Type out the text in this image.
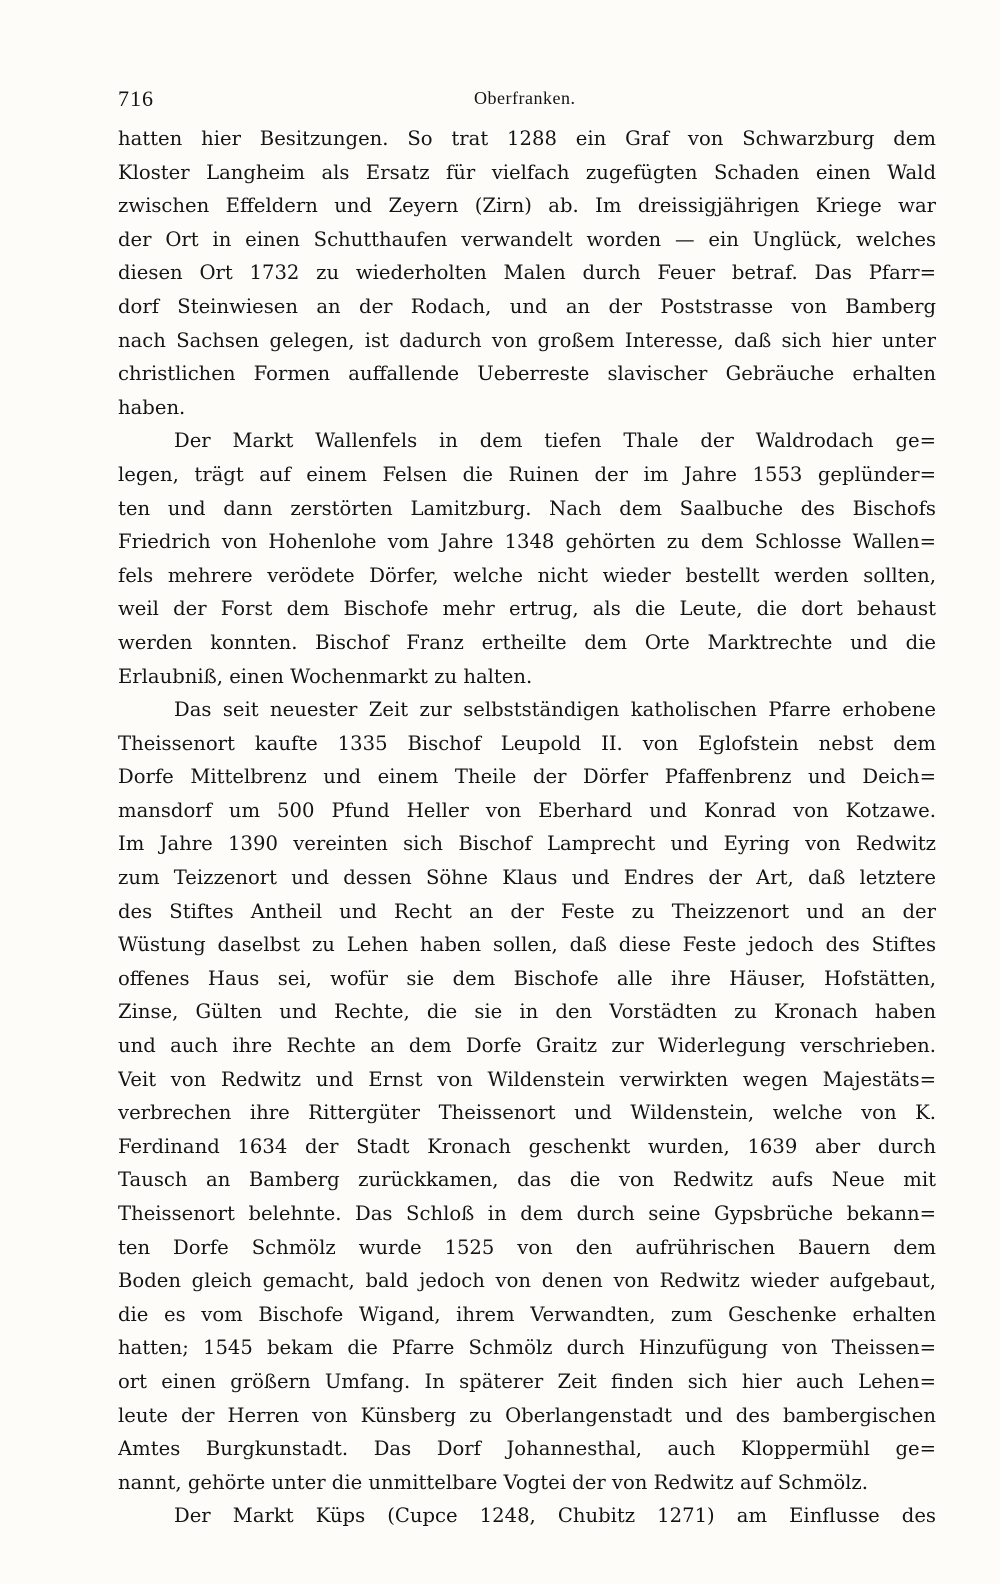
716	Oberfranken.
hatten hier Besitzungen. So trat 1288 ein Graf von Schwarzburg dem
Kloster Langheim als Ersatz für vielfach zugefügten Schaden einen Wald
zwischen Effeldern und Zeyern (Zirn) ab. Im dreissigjährigen Kriege war
der Ort in einen Schutthaufen verwandelt worden — ein Unglück, welches
diesen Ort 1732 zu wiederholten Malen durch Feuer betraf. Das Pfarr=
dorf Steinwiesen an der Rodach, und an der Poststrasse von Bamberg
nach Sachsen gelegen, ist dadurch von großem Interesse, daß sich hier unter
christlichen Formen auffallende Ueberreste slavischer Gebräuche erhalten
haben.
Der Markt Wallenfels in dem tiefen Thale der Waldrodach ge=
legen, trägt auf einem Felsen die Ruinen der im Jahre 1553 geplünder=
ten und dann zerstörten Lamitzburg. Nach dem Saalbuche des Bischofs
Friedrich von Hohenlohe vom Jahre 1348 gehörten zu dem Schlosse Wallen=
fels mehrere verödete Dörfer, welche nicht wieder bestellt werden sollten,
weil der Forst dem Bischofe mehr ertrug, als die Leute, die dort behaust
werden konnten. Bischof Franz ertheilte dem Orte Marktrechte und die
Erlaubniß, einen Wochenmarkt zu halten.
Das seit neuester Zeit zur selbstständigen katholischen Pfarre erhobene
Theissenort kaufte 1335 Bischof Leupold II. von Eglofstein nebst dem
Dorfe Mittelbrenz und einem Theile der Dörfer Pfaffenbrenz und Deich=
mansdorf um 500 Pfund Heller von Eberhard und Konrad von Kotzawe.
Im Jahre 1390 vereinten sich Bischof Lamprecht und Eyring von Redwitz
zum Teizzenort und dessen Söhne Klaus und Endres der Art, daß letztere
des Stiftes Antheil und Recht an der Feste zu Theizzenort und an der
Wüstung daselbst zu Lehen haben sollen, daß diese Feste jedoch des Stiftes
offenes Haus sei, wofür sie dem Bischofe alle ihre Häuser, Hofstätten,
Zinse, Gülten und Rechte, die sie in den Vorstädten zu Kronach haben
und auch ihre Rechte an dem Dorfe Graitz zur Widerlegung verschrieben.
Veit von Redwitz und Ernst von Wildenstein verwirkten wegen Majestäts=
verbrechen ihre Rittergüter Theissenort und Wildenstein, welche von K.
Ferdinand 1634 der Stadt Kronach geschenkt wurden, 1639 aber durch
Tausch an Bamberg zurückkamen, das die von Redwitz aufs Neue mit
Theissenort belehnte. Das Schloß in dem durch seine Gypsbrüche bekann=
ten Dorfe Schmölz wurde 1525 von den aufrührischen Bauern dem
Boden gleich gemacht, bald jedoch von denen von Redwitz wieder aufgebaut,
die es vom Bischofe Wigand, ihrem Verwandten, zum Geschenke erhalten
hatten; 1545 bekam die Pfarre Schmölz durch Hinzufügung von Theissen=
ort einen größern Umfang. In späterer Zeit finden sich hier auch Lehen=
leute der Herren von Künsberg zu Oberlangenstadt und des bambergischen
Amtes Burgkunstadt. Das Dorf Johannesthal, auch Kloppermühl ge=
nannt, gehörte unter die unmittelbare Vogtei der von Redwitz auf Schmölz.
Der Markt Küps (Cupce 1248, Chubitz 1271) am Einflusse des
